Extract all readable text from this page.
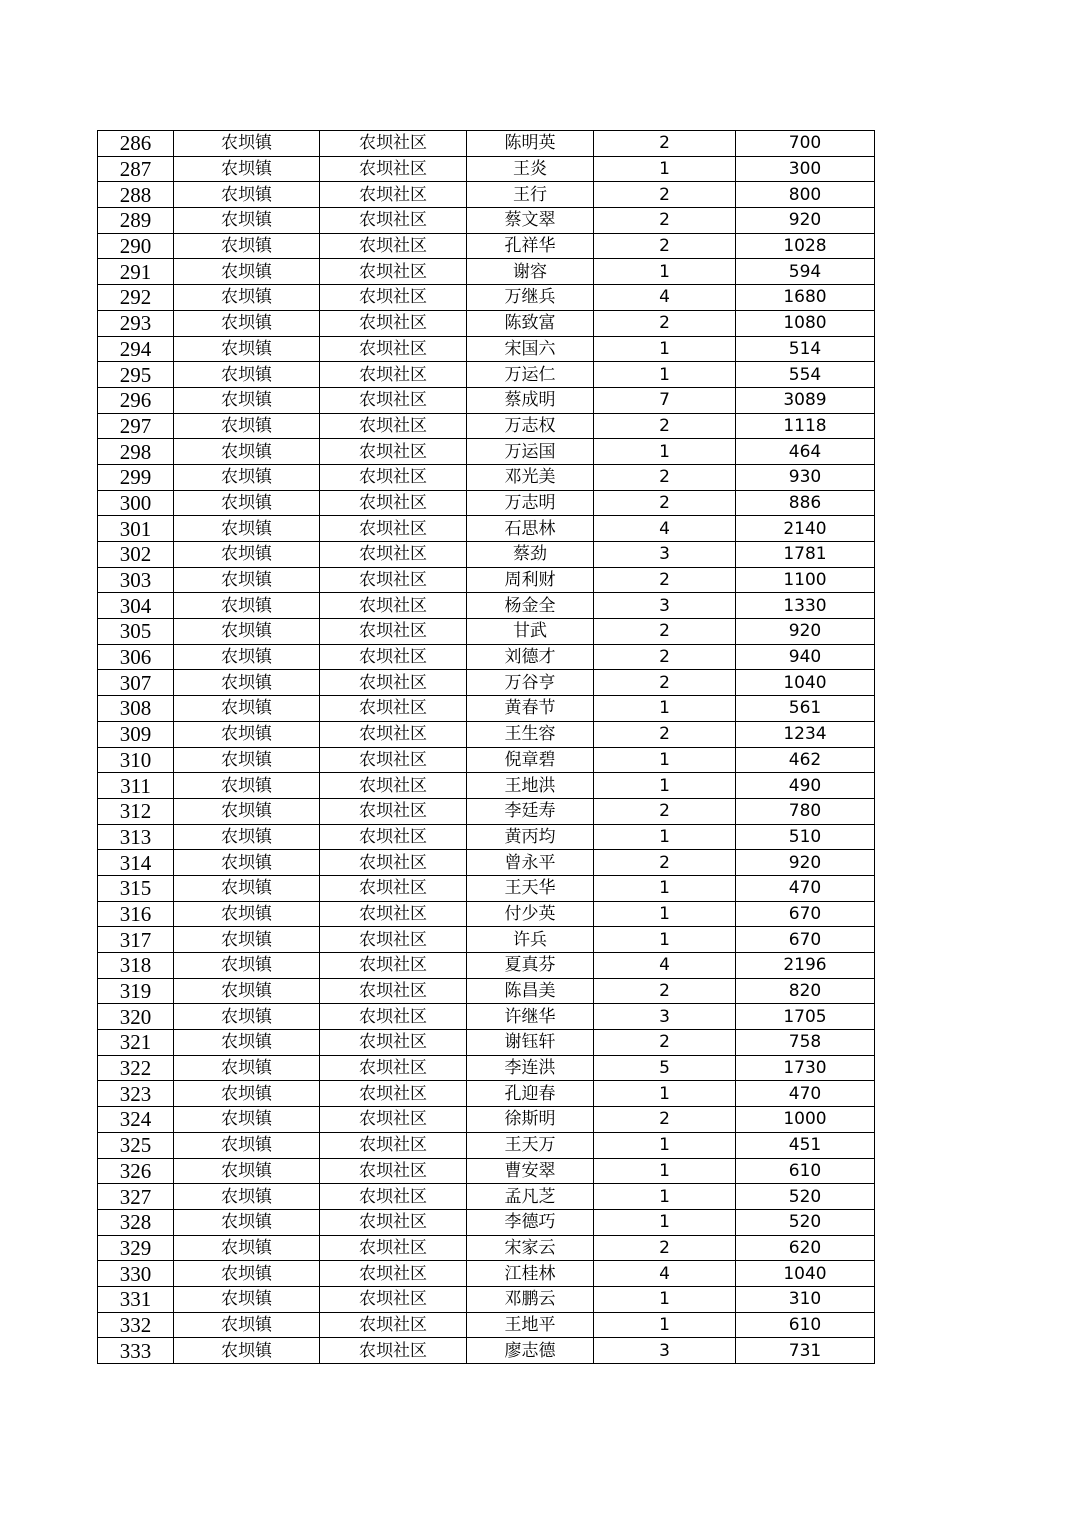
286	农坝镇	农坝社区	陈明英	2	700
287	农坝镇	农坝社区	王炎	1	300
288	农坝镇	农坝社区	王行	2	800
289	农坝镇	农坝社区	蔡文翠	2	920
290	农坝镇	农坝社区	孔祥华	2	1028
291	农坝镇	农坝社区	谢容	1	594
292	农坝镇	农坝社区	万继兵	4	1680
293	农坝镇	农坝社区	陈致富	2	1080
294	农坝镇	农坝社区	宋国六	1	514
295	农坝镇	农坝社区	万运仁	1	554
296	农坝镇	农坝社区	蔡成明	7	3089
297	农坝镇	农坝社区	万志权	2	1118
298	农坝镇	农坝社区	万运国	1	464
299	农坝镇	农坝社区	邓光美	2	930
300	农坝镇	农坝社区	万志明	2	886
301	农坝镇	农坝社区	石思林	4	2140
302	农坝镇	农坝社区	蔡劲	3	1781
303	农坝镇	农坝社区	周利财	2	1100
304	农坝镇	农坝社区	杨金全	3	1330
305	农坝镇	农坝社区	甘武	2	920
306	农坝镇	农坝社区	刘德才	2	940
307	农坝镇	农坝社区	万谷亨	2	1040
308	农坝镇	农坝社区	黄春节	1	561
309	农坝镇	农坝社区	王生容	2	1234
310	农坝镇	农坝社区	倪章碧	1	462
311	农坝镇	农坝社区	王地洪	1	490
312	农坝镇	农坝社区	李廷寿	2	780
313	农坝镇	农坝社区	黄丙均	1	510
314	农坝镇	农坝社区	曾永平	2	920
315	农坝镇	农坝社区	王天华	1	470
316	农坝镇	农坝社区	付少英	1	670
317	农坝镇	农坝社区	许兵	1	670
318	农坝镇	农坝社区	夏真芬	4	2196
319	农坝镇	农坝社区	陈昌美	2	820
320	农坝镇	农坝社区	许继华	3	1705
321	农坝镇	农坝社区	谢钰轩	2	758
322	农坝镇	农坝社区	李连洪	5	1730
323	农坝镇	农坝社区	孔迎春	1	470
324	农坝镇	农坝社区	徐斯明	2	1000
325	农坝镇	农坝社区	王天万	1	451
326	农坝镇	农坝社区	曹安翠	1	610
327	农坝镇	农坝社区	孟凡芝	1	520
328	农坝镇	农坝社区	李德巧	1	520
329	农坝镇	农坝社区	宋家云	2	620
330	农坝镇	农坝社区	江桂林	4	1040
331	农坝镇	农坝社区	邓鹏云	1	310
332	农坝镇	农坝社区	王地平	1	610
333	农坝镇	农坝社区	廖志德	3	731
